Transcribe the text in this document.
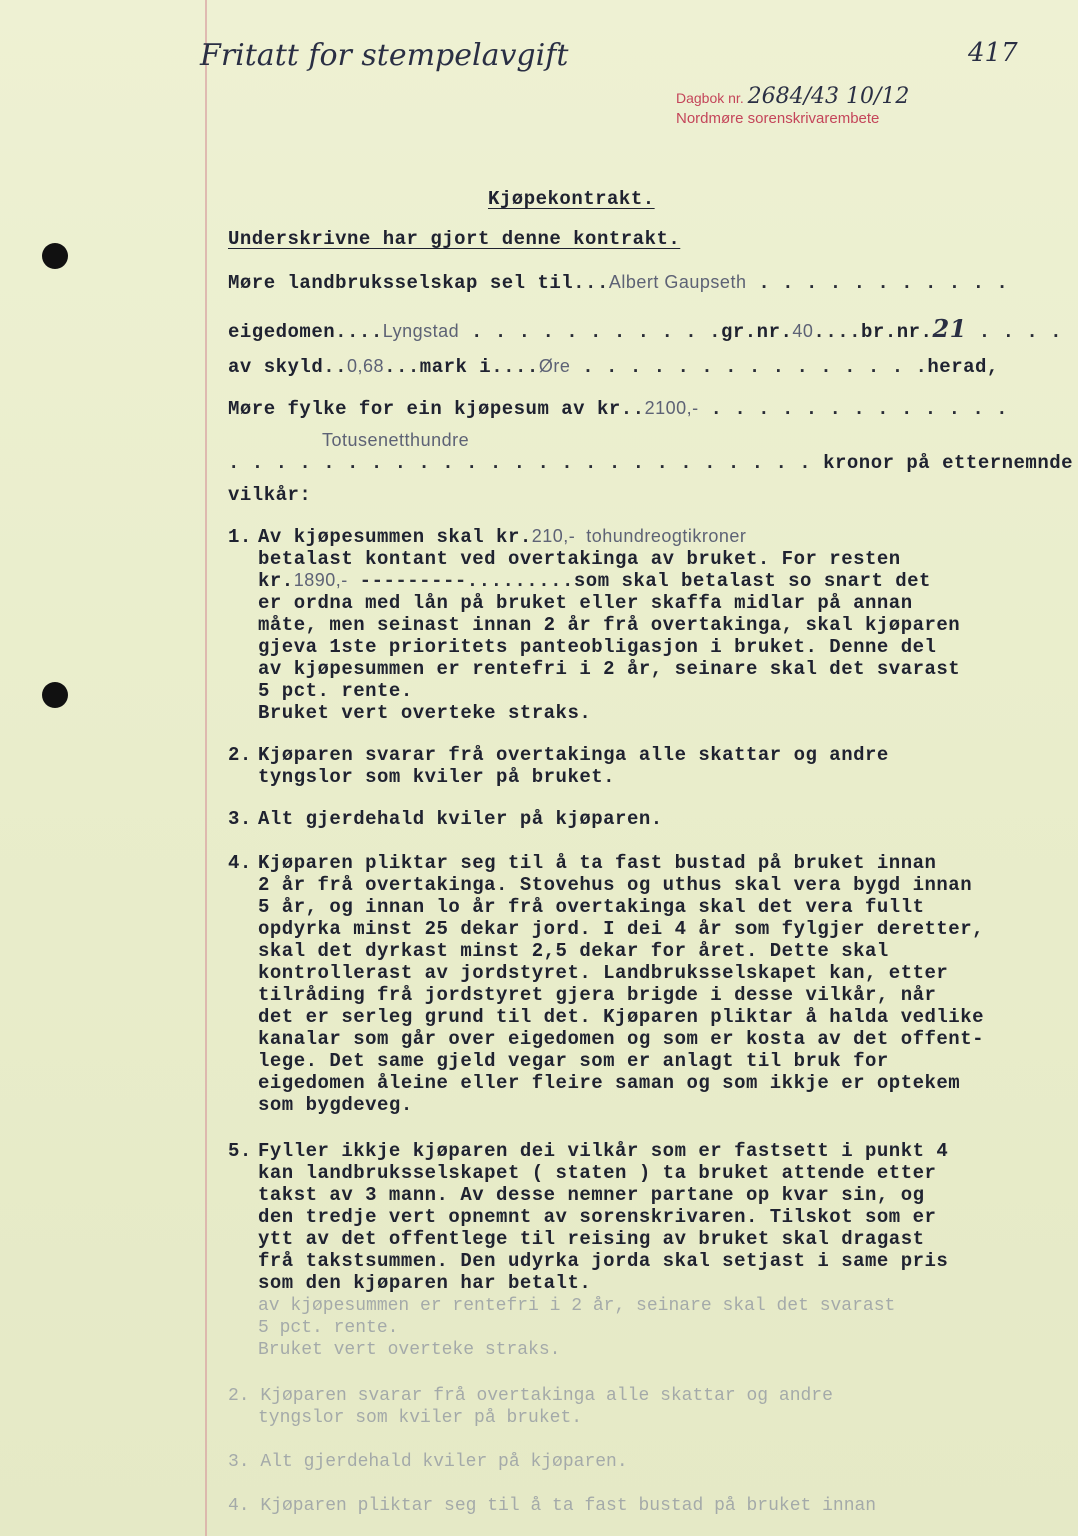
Fritatt for stempelavgift	417
Dagbok nr. 2684/43 10/12
Nordmøre sorenskrivarembete
Kjøpekontrakt.
Underskrivne har gjort denne kontrakt.
Møre landbruksselskap sel til...Albert Gaupseth . . . . . . . . . . .
eigedomen....Lyngstad . . . . . . . . . . .gr.nr.40....br.nr.21 . . . .
av skyld..0,68...mark i....Øre . . . . . . . . . . . . . . .herad,
Møre fylke for ein kjøpesum av kr..2100,- . . . . . . . . . . . . .
Totusenetthundre
. . . . . . . . . . . . . . . . . . . . . . . . . kronor på etternemnde
vilkår:
1. Av kjøpesummen skal kr.210,-  tohundreogtikroner
betalast kontant ved overtakinga av bruket. For resten
kr.1890,- ---------.........som skal betalast so snart det
er ordna med lån på bruket eller skaffa midlar på annan
måte, men seinast innan 2 år frå overtakinga, skal kjøparen
gjeva 1ste prioritets panteobligasjon i bruket. Denne del
av kjøpesummen er rentefri i 2 år, seinare skal det svarast
5 pct. rente.
Bruket vert overteke straks.
2. Kjøparen svarar frå overtakinga alle skattar og andre
tyngslor som kviler på bruket.
3. Alt gjerdehald kviler på kjøparen.
4. Kjøparen pliktar seg til å ta fast bustad på bruket innan
2 år frå overtakinga. Stovehus og uthus skal vera bygd innan
5 år, og innan lo år frå overtakinga skal det vera fullt
opdyrka minst 25 dekar jord. I dei 4 år som fylgjer deretter,
skal det dyrkast minst 2,5 dekar for året. Dette skal
kontrollerast av jordstyret. Landbruksselskapet kan, etter
tilråding frå jordstyret gjera brigde i desse vilkår, når
det er serleg grund til det. Kjøparen pliktar å halda vedlike
kanalar som går over eigedomen og som er kosta av det offent-
lege. Det same gjeld vegar som er anlagt til bruk for
eigedomen åleine eller fleire saman og som ikkje er optekem
som bygdeveg.
5. Fyller ikkje kjøparen dei vilkår som er fastsett i punkt 4
kan landbruksselskapet ( staten ) ta bruket attende etter
takst av 3 mann. Av desse nemner partane op kvar sin, og
den tredje vert opnemnt av sorenskrivaren. Tilskot som er
ytt av det offentlege til reising av bruket skal dragast
frå takstsummen. Den udyrka jorda skal setjast i same pris
som den kjøparen har betalt.
av kjøpesummen er rentefri i 2 år, seinare skal det svarast
5 pct. rente.
Bruket vert overteke straks.
2. Kjøparen svarar frå overtakinga alle skattar og andre
tyngslor som kviler på bruket.
3. Alt gjerdehald kviler på kjøparen.
4. Kjøparen pliktar seg til å ta fast bustad på bruket innan
